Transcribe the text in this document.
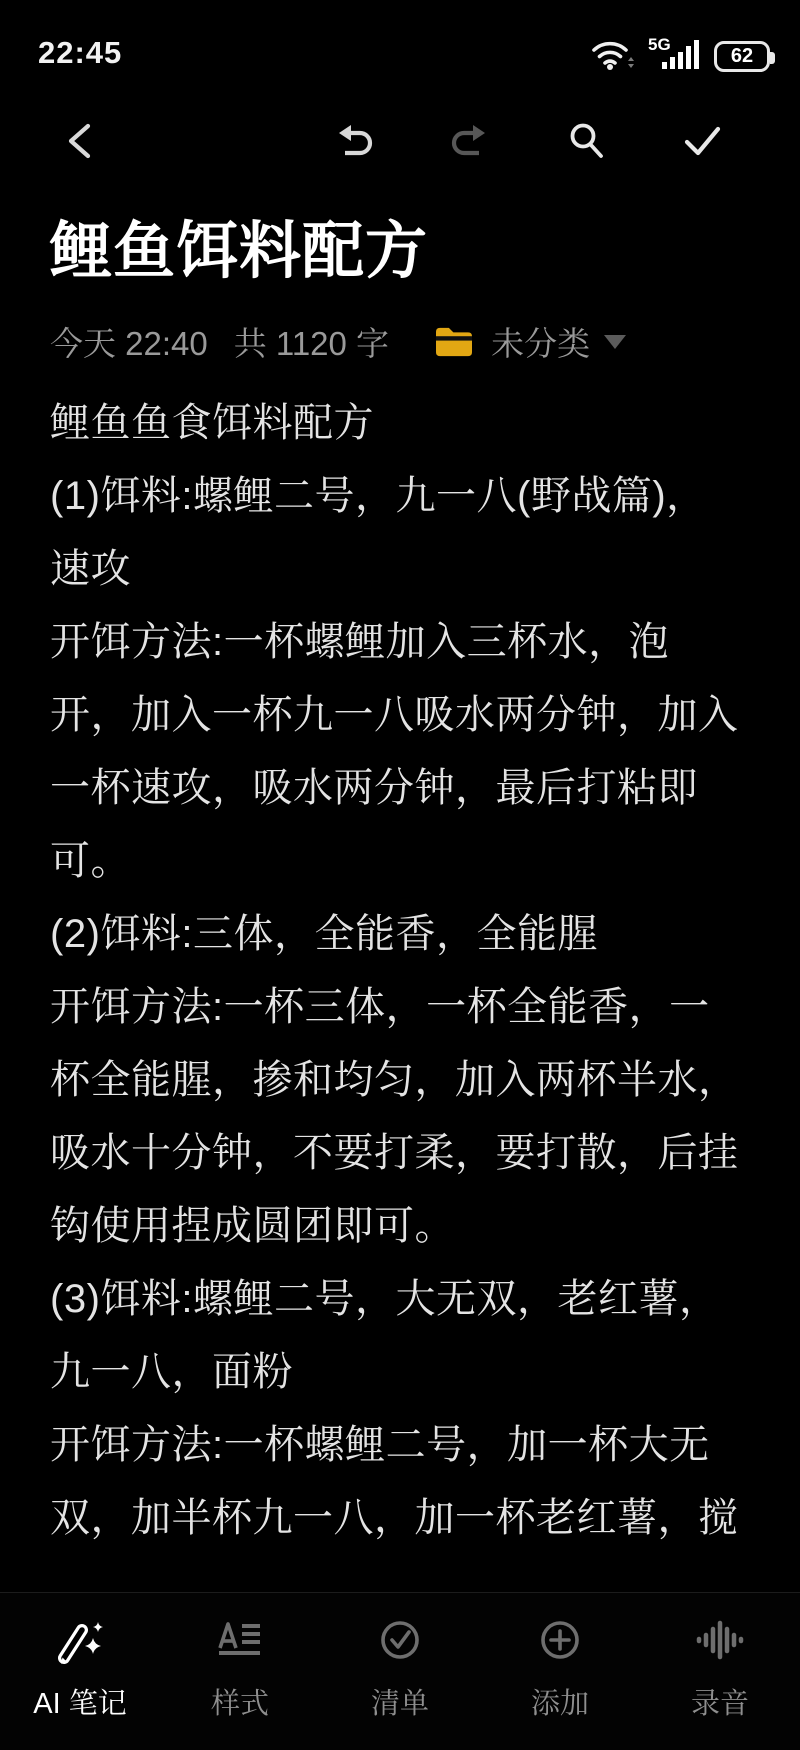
22:45	5G
62
鲤鱼饵料配方
今天 22:40 共 1120 字	未分类
鲤鱼鱼食饵料配方
(1)饵料:螺鲤二号，九一八(野战篇)，
速攻
开饵方法:一杯螺鲤加入三杯水，泡
开，加入一杯九一八吸水两分钟，加入
一杯速攻，吸水两分钟，最后打粘即
可。
(2)饵料:三体，全能香，全能腥
开饵方法:一杯三体，一杯全能香，一
杯全能腥，掺和均匀，加入两杯半水，
吸水十分钟，不要打柔，要打散，后挂
钩使用捏成圆团即可。
(3)饵料:螺鲤二号，大无双，老红薯，
九一八，面粉
开饵方法:一杯螺鲤二号，加一杯大无
双，加半杯九一八，加一杯老红薯，搅
AI 笔记	样式	清单	添加	录音
